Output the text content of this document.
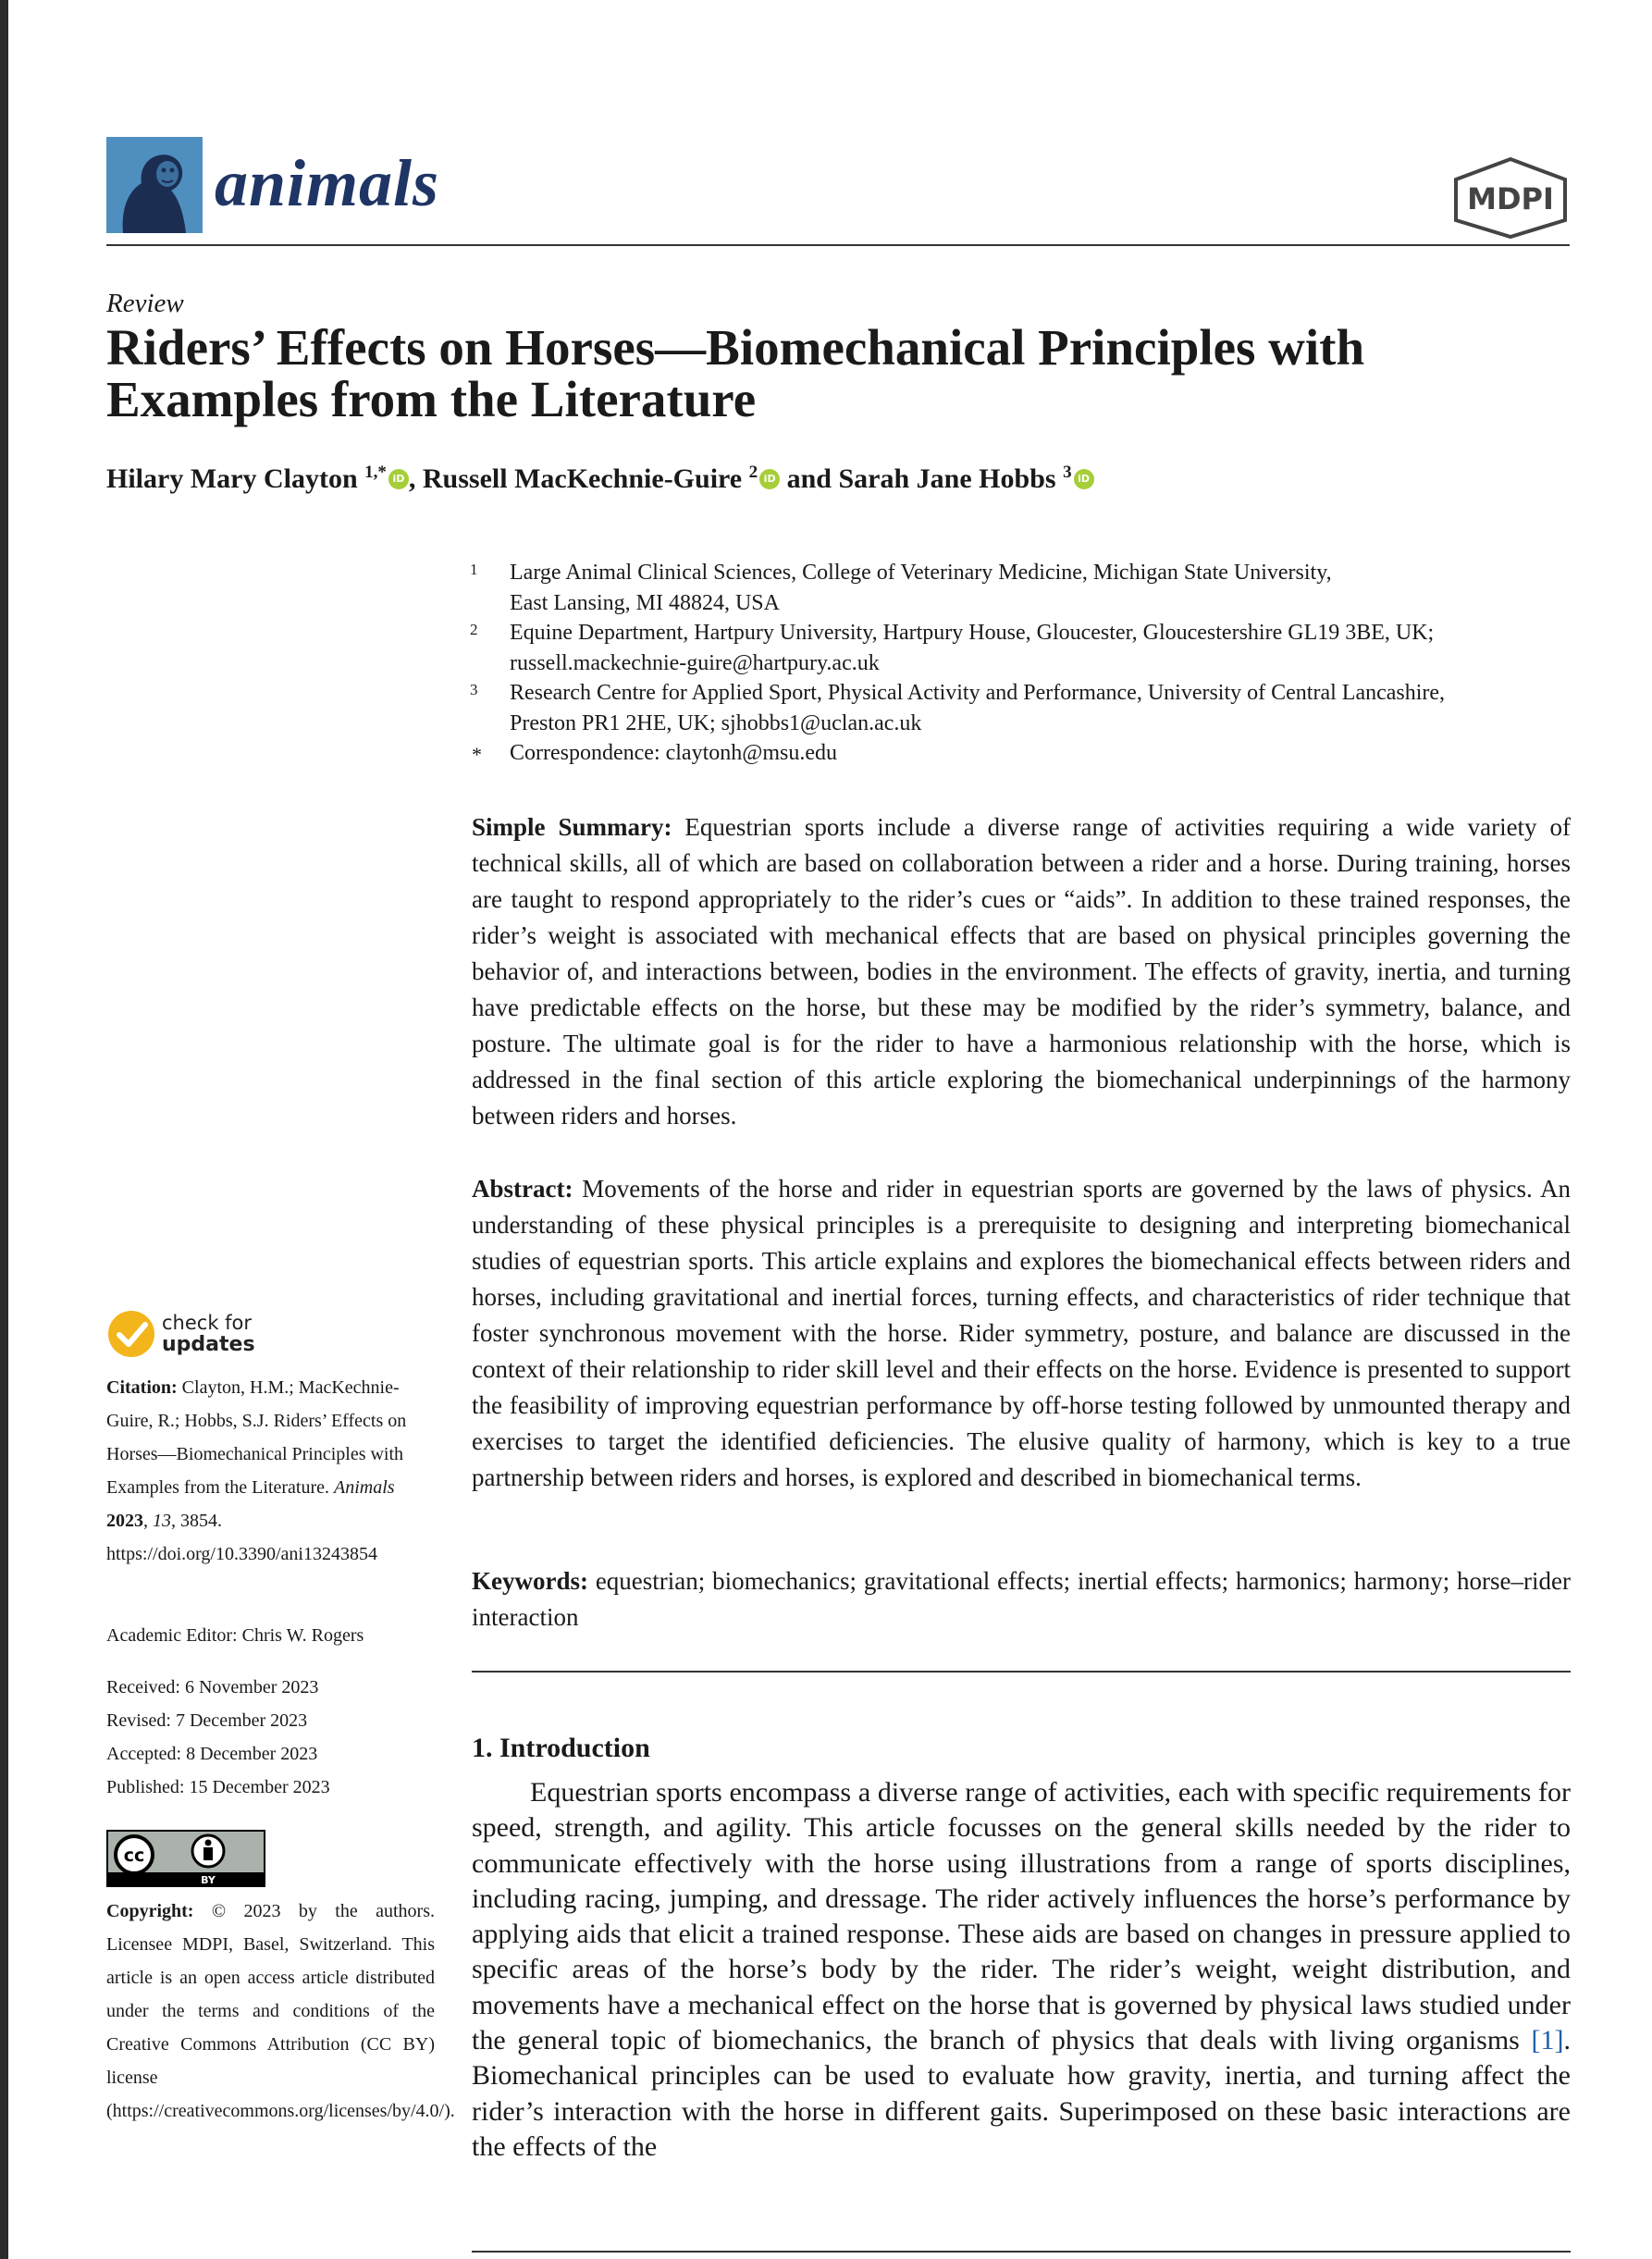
animals	MDPI
Review
Riders’ Effects on Horses—Biomechanical Principles with Examples from the Literature
Hilary Mary Clayton $^{1,*}$ iD , Russell MacKechnie-Guire $^2$ iD and Sarah Jane Hobbs $^3$ iD
1 Large Animal Clinical Sciences, College of Veterinary Medicine, Michigan State University,
East Lansing, MI 48824, USA
2 Equine Department, Hartpury University, Hartpury House, Gloucester, Gloucestershire GL19 3BE, UK;
russell.mackechnie-guire@hartpury.ac.uk
3 Research Centre for Applied Sport, Physical Activity and Performance, University of Central Lancashire,
Preston PR1 2HE, UK; sjhobbs1@uclan.ac.uk
* Correspondence: claytonh@msu.edu
Simple Summary: Equestrian sports include a diverse range of activities requiring a wide variety of technical skills, all of which are based on collaboration between a rider and a horse. During training, horses are taught to respond appropriately to the rider’s cues or “aids”. In addition to these trained responses, the rider’s weight is associated with mechanical effects that are based on physical principles governing the behavior of, and interactions between, bodies in the environment. The effects of gravity, inertia, and turning have predictable effects on the horse, but these may be modified by the rider’s symmetry, balance, and posture. The ultimate goal is for the rider to have a harmonious relationship with the horse, which is addressed in the final section of this article exploring the biomechanical underpinnings of the harmony between riders and horses.
Abstract: Movements of the horse and rider in equestrian sports are governed by the laws of physics. An understanding of these physical principles is a prerequisite to designing and interpreting biomechanical studies of equestrian sports. This article explains and explores the biomechanical effects between riders and horses, including gravitational and inertial forces, turning effects, and characteristics of rider technique that foster synchronous movement with the horse. Rider symmetry, posture, and balance are discussed in the context of their relationship to rider skill level and their effects on the horse. Evidence is presented to support the feasibility of improving equestrian performance by off-horse testing followed by unmounted therapy and exercises to target the identified deficiencies. The elusive quality of harmony, which is key to a true partnership between riders and horses, is explored and described in biomechanical terms.
Keywords: equestrian; biomechanics; gravitational effects; inertial effects; harmonics; harmony; horse–rider interaction
1. Introduction
Equestrian sports encompass a diverse range of activities, each with specific requirements for speed, strength, and agility. This article focusses on the general skills needed by the rider to communicate effectively with the horse using illustrations from a range of sports disciplines, including racing, jumping, and dressage. The rider actively influences the horse’s performance by applying aids that elicit a trained response. These aids are based on changes in pressure applied to specific areas of the horse’s body by the rider. The rider’s weight, weight distribution, and movements have a mechanical effect on the horse that is governed by physical laws studied under the general topic of biomechanics, the branch of physics that deals with living organisms [1]. Biomechanical principles can be used to evaluate how gravity, inertia, and turning affect the rider’s interaction with the horse in different gaits. Superimposed on these basic interactions are the effects of the
check for
updates
Citation: Clayton, H.M.; MacKechnie-Guire, R.; Hobbs, S.J. Riders’ Effects on Horses—Biomechanical Principles with Examples from the Literature. Animals 2023, 13, 3854. https://doi.org/10.3390/ani13243854
Academic Editor: Chris W. Rogers
Received: 6 November 2023
Revised: 7 December 2023
Accepted: 8 December 2023
Published: 15 December 2023
cc
BY
Copyright: © 2023 by the authors. Licensee MDPI, Basel, Switzerland. This article is an open access article distributed under the terms and conditions of the Creative Commons Attribution (CC BY) license (https://creativecommons.org/licenses/by/4.0/).
